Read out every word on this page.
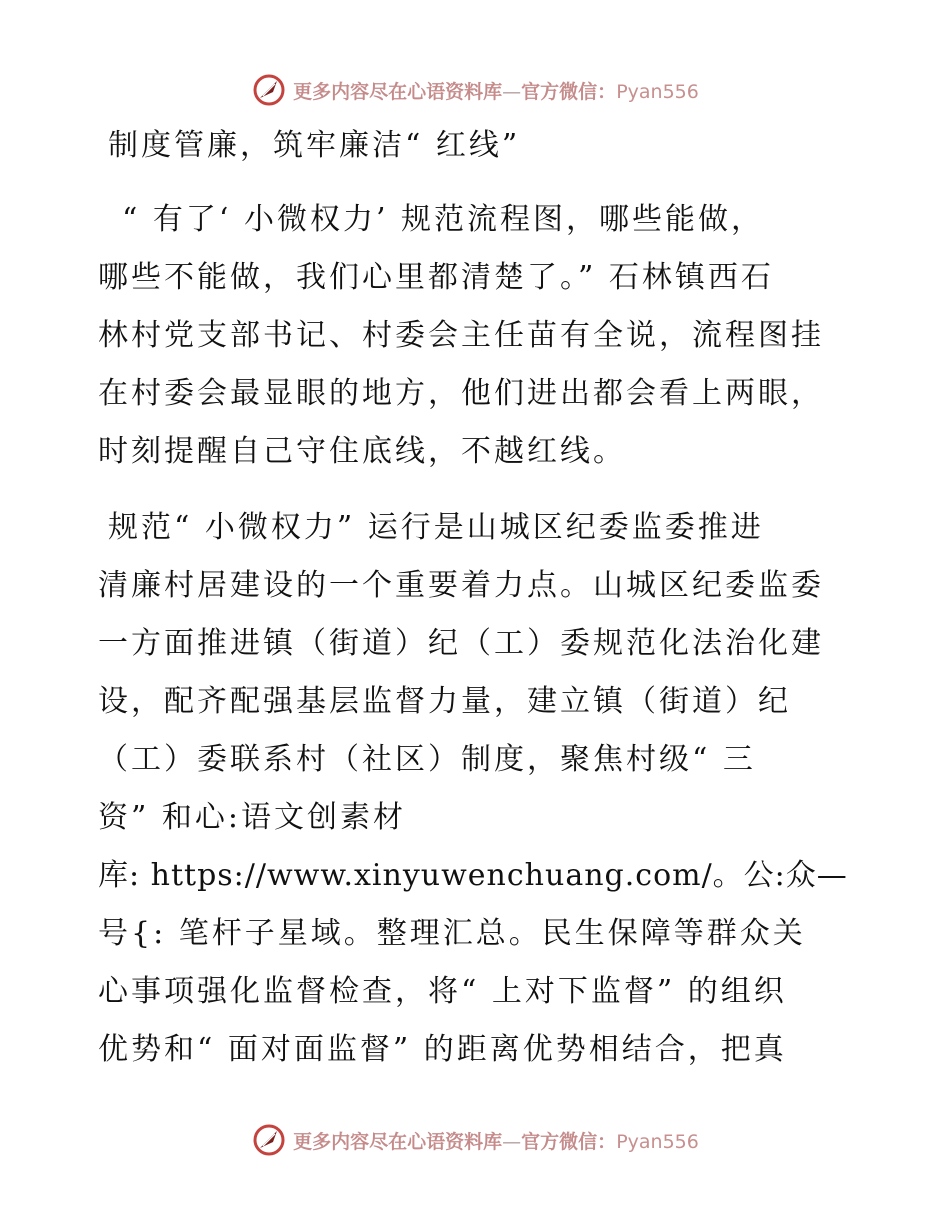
更多内容尽在心语资料库—官方微信：Pyan556
制度管廉，筑牢廉洁“ 红线”
“ 有了‘ 小微权力’ 规范流程图，哪些能做，
哪些不能做，我们心里都清楚了。” 石林镇西石
林村党支部书记、村委会主任苗有全说，流程图挂
在村委会最显眼的地方，他们进出都会看上两眼，
时刻提醒自己守住底线，不越红线。
规范“ 小微权力” 运行是山城区纪委监委推进
清廉村居建设的一个重要着力点。山城区纪委监委
一方面推进镇（街道）纪（工）委规范化法治化建
设，配齐配强基层监督力量，建立镇（街道）纪
（工）委联系村（社区）制度，聚焦村级“ 三
资” 和心:语文创素材
库: https://www.xinyuwenchuang.com/。公:众—
号{: 笔杆子星域。整理汇总。民生保障等群众关
心事项强化监督检查，将“ 上对下监督” 的组织
优势和“ 面对面监督” 的距离优势相结合，把真
更多内容尽在心语资料库—官方微信：Pyan556
